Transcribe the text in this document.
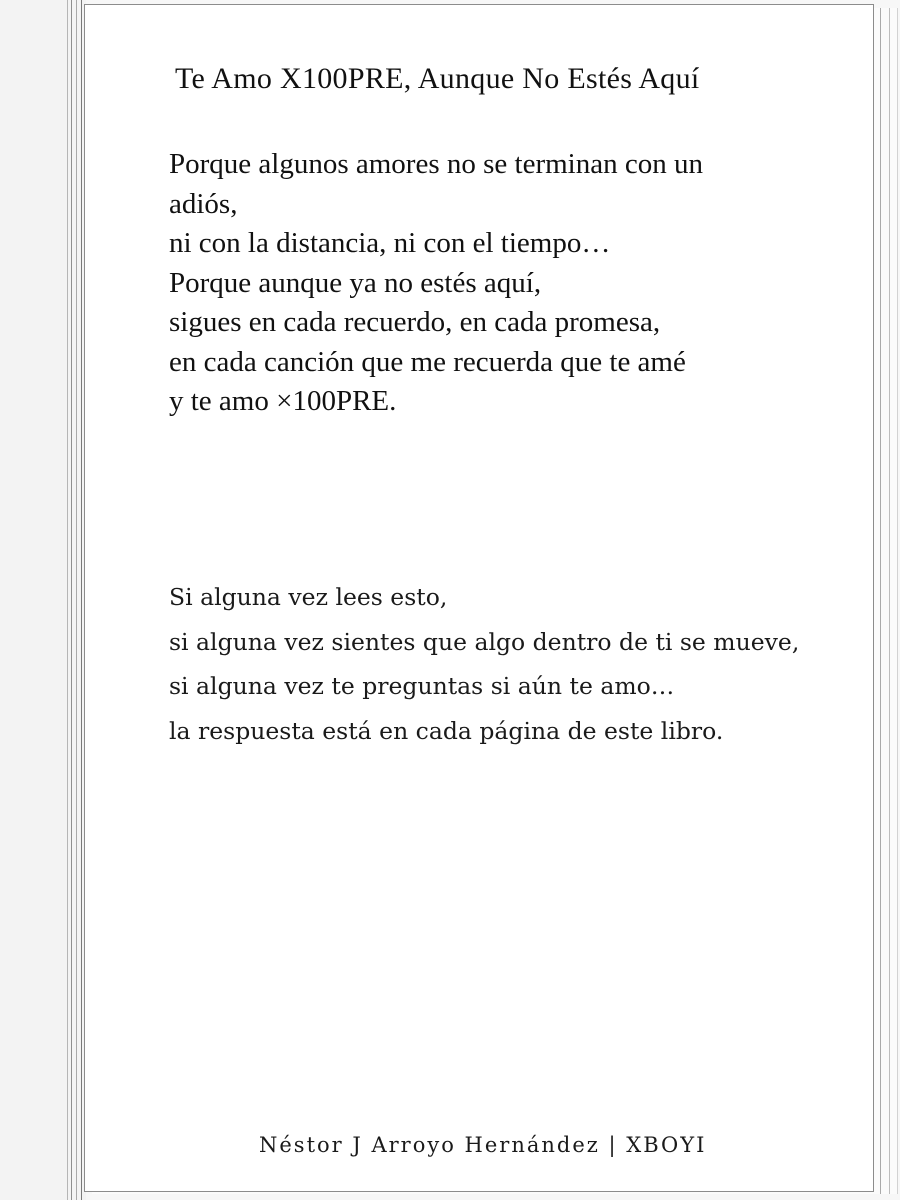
Te Amo X100PRE, Aunque No Estés Aquí
Porque algunos amores no se terminan con un
adiós,
ni con la distancia, ni con el tiempo…
Porque aunque ya no estés aquí,
sigues en cada recuerdo, en cada promesa,
en cada canción que me recuerda que te amé
y te amo ×100PRE.
Si alguna vez lees esto,
si alguna vez sientes que algo dentro de ti se mueve,
si alguna vez te preguntas si aún te amo…
la respuesta está en cada página de este libro.

Néstor J Arroyo Hernández | XBOYI
